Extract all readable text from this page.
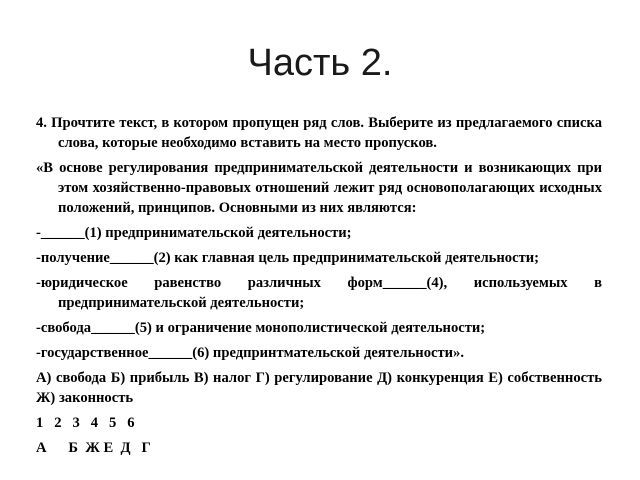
Часть 2.
4. Прочтите текст, в котором пропущен ряд слов. Выберите из предлагаемого списка слова, которые необходимо вставить на место пропусков.
«В основе регулирования предпринимательской деятельности и возникающих при этом хозяйственно-правовых отношений лежит ряд основополагающих исходных положений, принципов. Основными из них являются:
-______(1) предпринимательской деятельности;
-получение______(2) как главная цель предпринимательской деятельности;
-юридическое равенство различных форм______(4), используемых в предпринимательской деятельности;
-свобода______(5) и ограничение монополистической деятельности;
-государственное______(6) предпринтмательской деятельности».
А) свобода Б) прибыль В) налог Г) регулирование Д) конкуренция Е) собственность Ж) законность
1   2   3   4   5   6
А      Б  Ж Е  Д   Г
